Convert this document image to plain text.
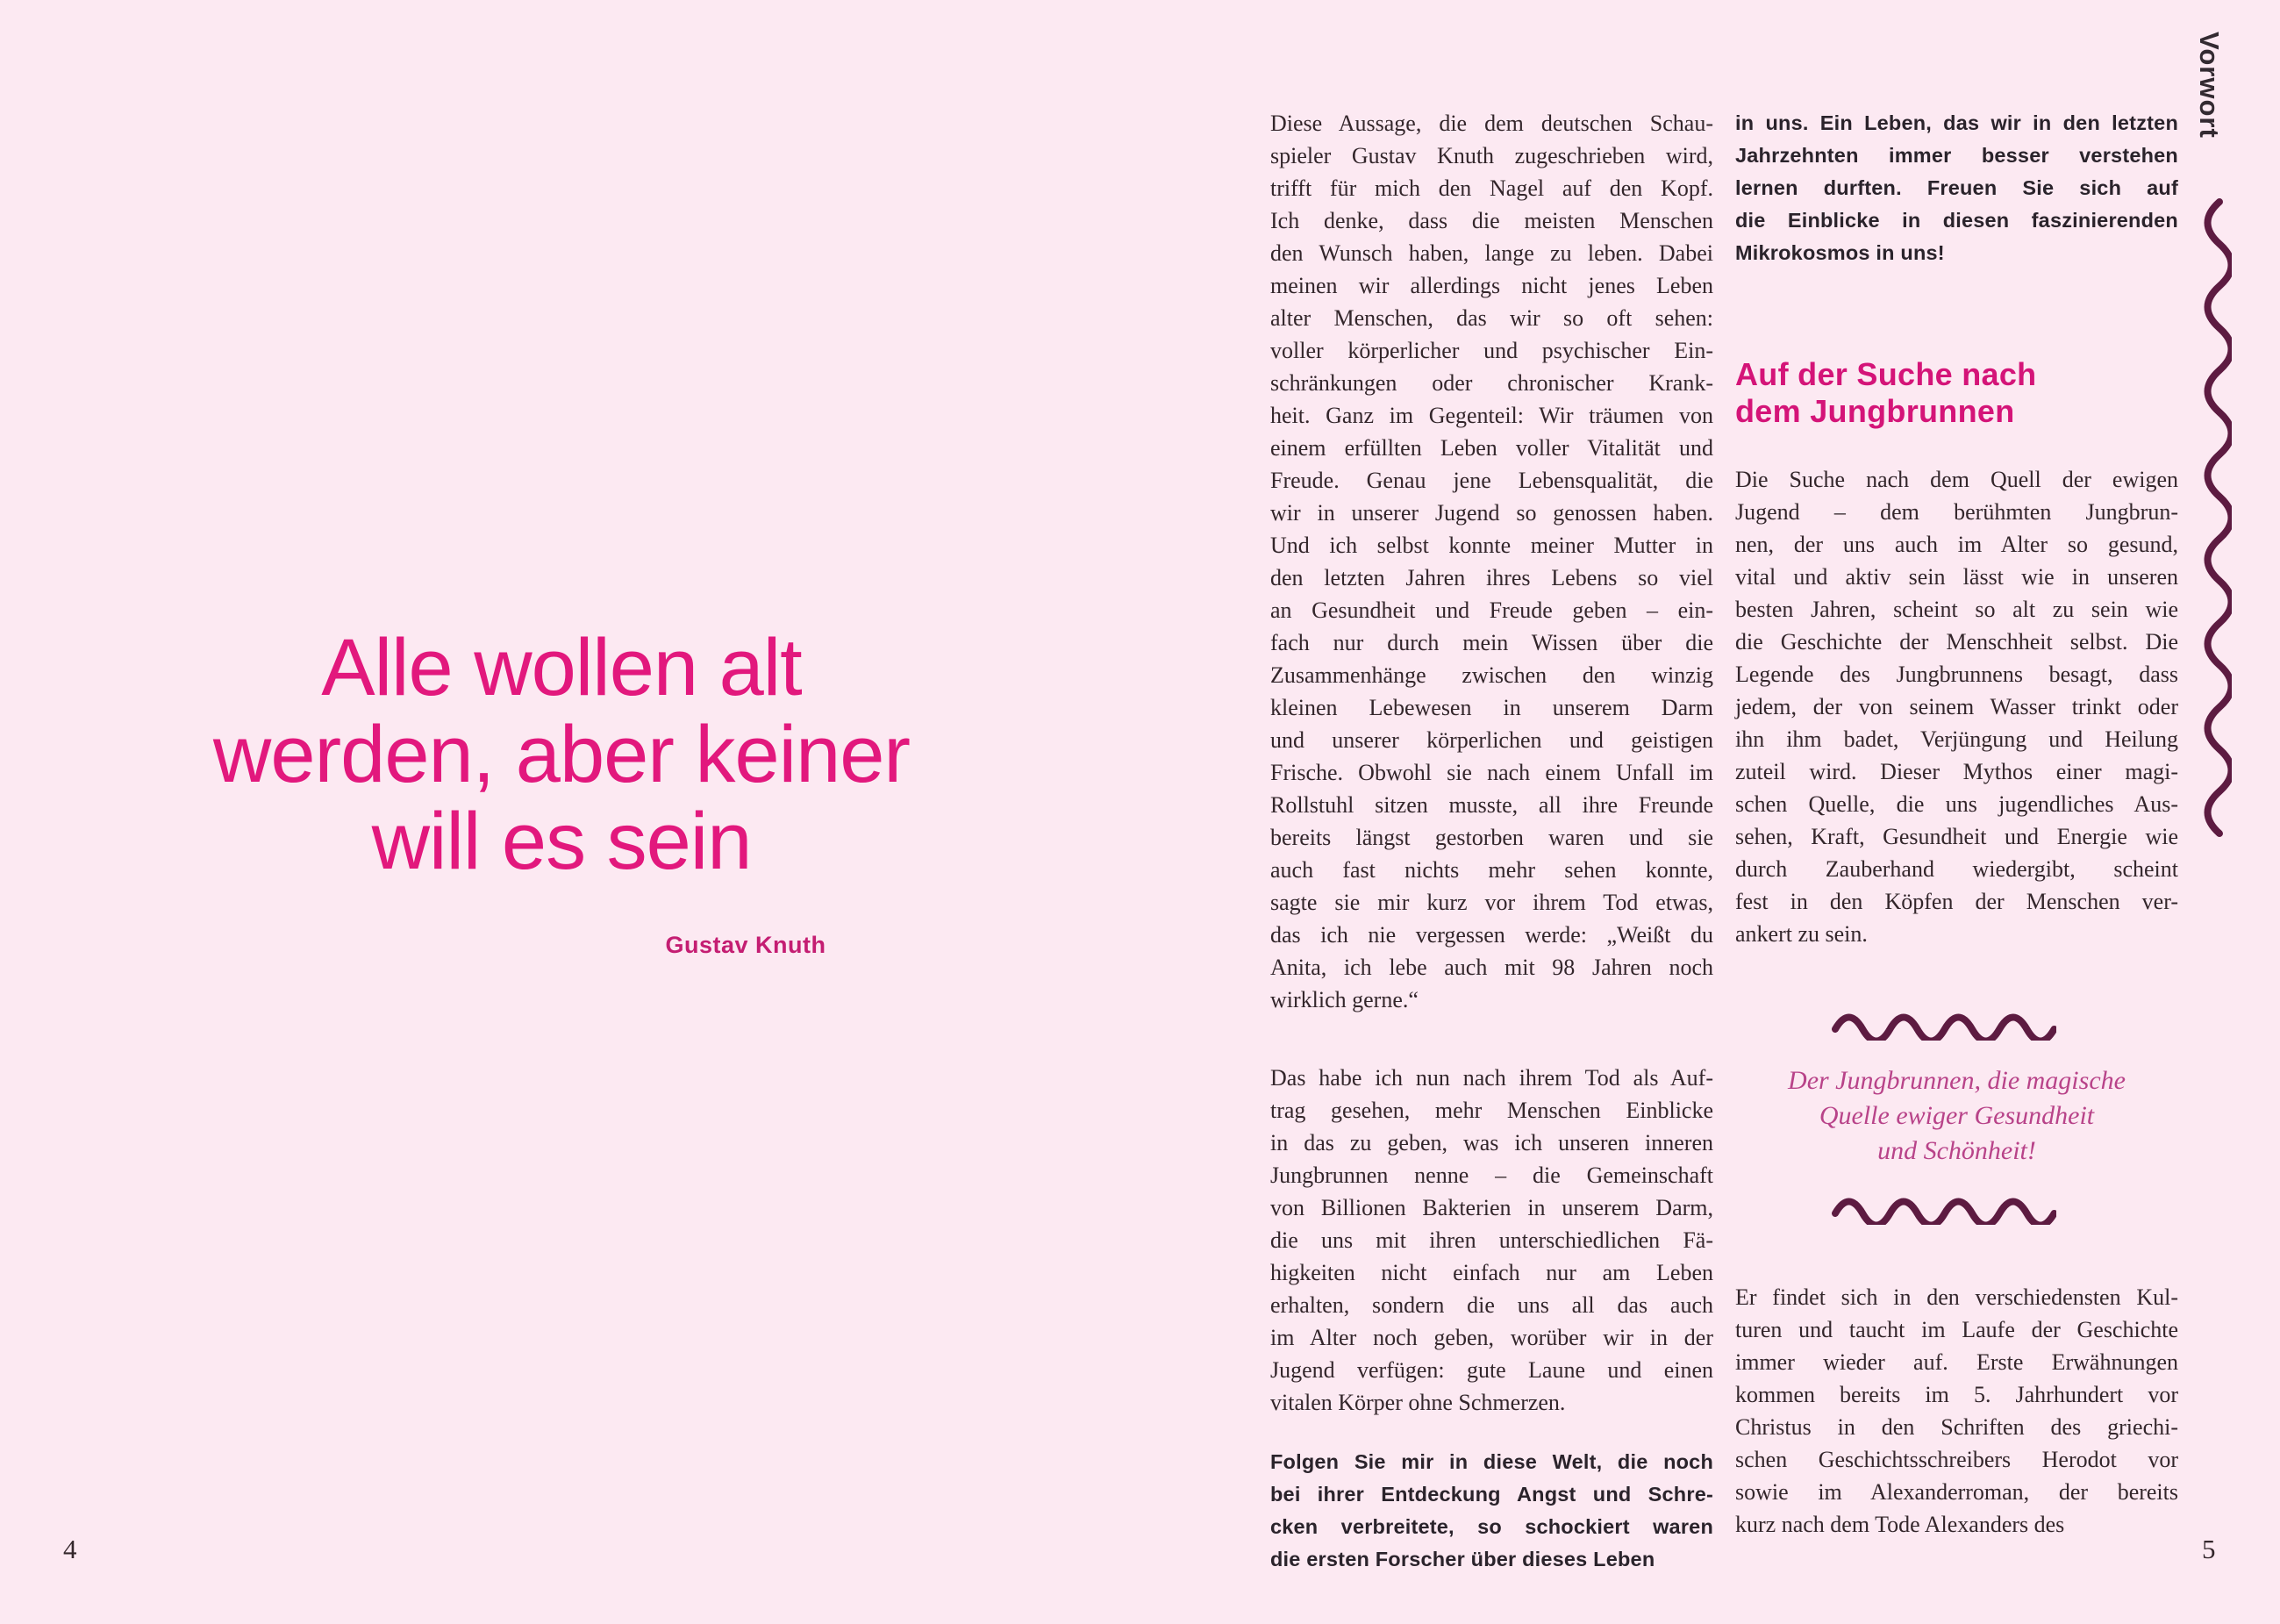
Alle wollen alt
werden, aber keiner
will es sein
Gustav Knuth
4
Diese Aussage, die dem deutschen Schau-
spieler Gustav Knuth zugeschrieben wird,
trifft für mich den Nagel auf den Kopf.
Ich denke, dass die meisten Menschen
den Wunsch haben, lange zu leben. Dabei
meinen wir allerdings nicht jenes Leben
alter Menschen, das wir so oft sehen:
voller körperlicher und psychischer Ein-
schränkungen oder chronischer Krank-
heit. Ganz im Gegenteil: Wir träumen von
einem erfüllten Leben voller Vitalität und
Freude. Genau jene Lebensqualität, die
wir in unserer Jugend so genossen haben.
Und ich selbst konnte meiner Mutter in
den letzten Jahren ihres Lebens so viel
an Gesundheit und Freude geben – ein-
fach nur durch mein Wissen über die
Zusammenhänge zwischen den winzig
kleinen Lebewesen in unserem Darm
und unserer körperlichen und geistigen
Frische. Obwohl sie nach einem Unfall im
Rollstuhl sitzen musste, all ihre Freunde
bereits längst gestorben waren und sie
auch fast nichts mehr sehen konnte,
sagte sie mir kurz vor ihrem Tod etwas,
das ich nie vergessen werde: „Weißt du
Anita, ich lebe auch mit 98 Jahren noch
wirklich gerne.“
Das habe ich nun nach ihrem Tod als Auf-
trag gesehen, mehr Menschen Einblicke
in das zu geben, was ich unseren inneren
Jungbrunnen nenne – die Gemeinschaft
von Billionen Bakterien in unserem Darm,
die uns mit ihren unterschiedlichen Fä-
higkeiten nicht einfach nur am Leben
erhalten, sondern die uns all das auch
im Alter noch geben, worüber wir in der
Jugend verfügen: gute Laune und einen
vitalen Körper ohne Schmerzen.
Folgen Sie mir in diese Welt, die noch
bei ihrer Entdeckung Angst und Schre-
cken verbreitete, so schockiert waren
die ersten Forscher über dieses Leben
in uns. Ein Leben, das wir in den letzten
Jahrzehnten immer besser verstehen
lernen durften. Freuen Sie sich auf
die Einblicke in diesen faszinierenden
Mikrokosmos in uns!
Auf der Suche nach
dem Jungbrunnen
Die Suche nach dem Quell der ewigen
Jugend – dem berühmten Jungbrun-
nen, der uns auch im Alter so gesund,
vital und aktiv sein lässt wie in unseren
besten Jahren, scheint so alt zu sein wie
die Geschichte der Menschheit selbst. Die
Legende des Jungbrunnens besagt, dass
jedem, der von seinem Wasser trinkt oder
ihn ihm badet, Verjüngung und Heilung
zuteil wird. Dieser Mythos einer magi-
schen Quelle, die uns jugendliches Aus-
sehen, Kraft, Gesundheit und Energie wie
durch Zauberhand wiedergibt, scheint
fest in den Köpfen der Menschen ver-
ankert zu sein.
Der Jungbrunnen, die magische
Quelle ewiger Gesundheit
und Schönheit!
Er findet sich in den verschiedensten Kul-
turen und taucht im Laufe der Geschichte
immer wieder auf. Erste Erwähnungen
kommen bereits im 5. Jahrhundert vor
Christus in den Schriften des griechi-
schen Geschichtsschreibers Herodot vor
sowie im Alexanderroman, der bereits
kurz nach dem Tode Alexanders des
Vorwort
5
